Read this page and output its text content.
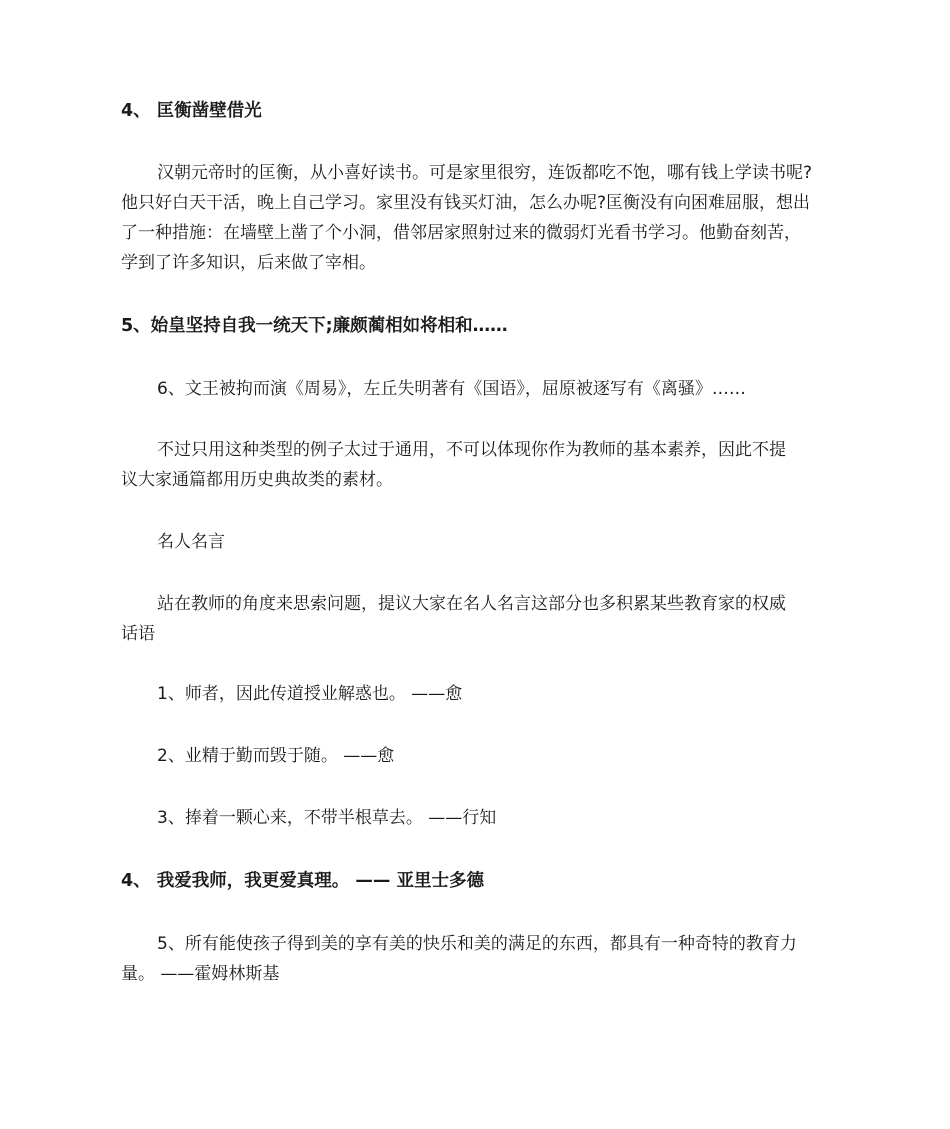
4、 匡衡凿壁借光

汉朝元帝时的匡衡，从小喜好读书。可是家里很穷，连饭都吃不饱，哪有钱上学读书呢?

他只好白天干活，晚上自己学习。家里没有钱买灯油，怎么办呢?匡衡没有向困难屈服，想出

了一种措施：在墙壁上凿了个小洞，借邻居家照射过来的微弱灯光看书学习。他勤奋刻苦，

学到了许多知识，后来做了宰相。

5、始皇坚持自我一统天下;廉颇蔺相如将相和……

6、文王被拘而演《周易》，左丘失明著有《国语》，屈原被逐写有《离骚》……

不过只用这种类型的例子太过于通用，不可以体现你作为教师的基本素养，因此不提

议大家通篇都用历史典故类的素材。

名人名言

站在教师的角度来思索问题，提议大家在名人名言这部分也多积累某些教育家的权威

话语

1、师者，因此传道授业解惑也。 ——愈

2、业精于勤而毁于随。 ——愈

3、捧着一颗心来，不带半根草去。 ——行知

4、 我爱我师，我更爱真理。 —— 亚里士多德

5、所有能使孩子得到美的享有美的快乐和美的满足的东西，都具有一种奇特的教育力

量。 ——霍姆林斯基
